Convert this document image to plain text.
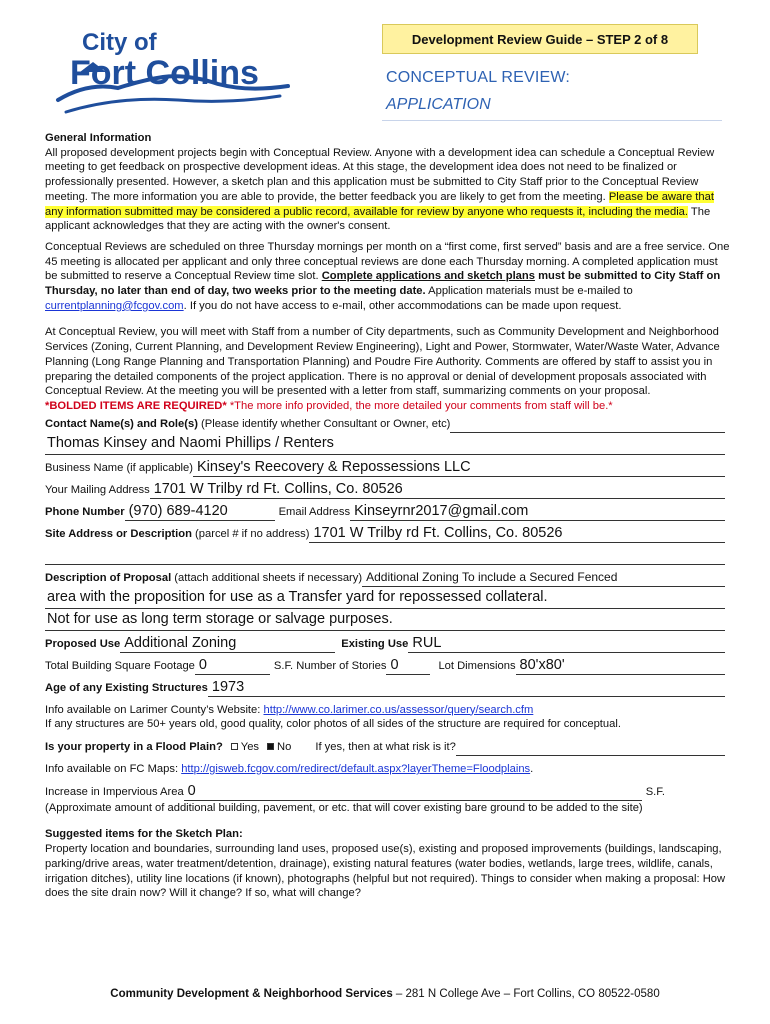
City of
Fort Collins
Development Review Guide – STEP 2 of 8
CONCEPTUAL REVIEW:
APPLICATION

General Information

All proposed development projects begin with Conceptual Review. Anyone with a development idea can schedule a Conceptual Review meeting to get feedback on prospective development ideas. At this stage, the development idea does not need to be finalized or professionally presented. However, a sketch plan and this application must be submitted to City Staff prior to the Conceptual Review meeting. The more information you are able to provide, the better feedback you are likely to get from the meeting. Please be aware that any information submitted may be considered a public record, available for review by anyone who requests it, including the media. The applicant acknowledges that they are acting with the owner's consent.

Conceptual Reviews are scheduled on three Thursday mornings per month on a “first come, first served” basis and are a free service. One 45 meeting is allocated per applicant and only three conceptual reviews are done each Thursday morning. A completed application must be submitted to reserve a Conceptual Review time slot. Complete applications and sketch plans must be submitted to City Staff on Thursday, no later than end of day, two weeks prior to the meeting date. Application materials must be e-mailed to currentplanning@fcgov.com. If you do not have access to e-mail, other accommodations can be made upon request.

At Conceptual Review, you will meet with Staff from a number of City departments, such as Community Development and Neighborhood Services (Zoning, Current Planning, and Development Review Engineering), Light and Power, Stormwater, Water/Waste Water, Advance Planning (Long Range Planning and Transportation Planning) and Poudre Fire Authority. Comments are offered by staff to assist you in preparing the detailed components of the project application. There is no approval or denial of development proposals associated with Conceptual Review. At the meeting you will be presented with a letter from staff, summarizing comments on your proposal.

*BOLDED ITEMS ARE REQUIRED* *The more info provided, the more detailed your comments from staff will be.*

Contact Name(s) and Role(s) (Please identify whether Consultant or Owner, etc)
Thomas Kinsey and Naomi Phillips / Renters
Business Name (if applicable) Kinsey's Reecovery & Repossessions LLC
Your Mailing Address 1701 W Trilby rd Ft. Collins, Co. 80526
Phone Number (970) 689-4120	Email Address Kinseyrnr2017@gmail.com
Site Address or Description (parcel # if no address) 1701 W Trilby rd Ft. Collins, Co. 80526
Description of Proposal (attach additional sheets if necessary) Additional Zoning To include a Secured Fenced
area with the proposition for use as a Transfer yard for repossessed collateral.
Not for use as long term storage or salvage purposes.
Proposed Use Additional Zoning	Existing Use RUL
Total Building Square Footage 0	S.F. Number of Stories 0	Lot Dimensions 80'x80'
Age of any Existing Structures 1973

Info available on Larimer County’s Website: http://www.co.larimer.co.us/assessor/query/search.cfm

If any structures are 50+ years old, good quality, color photos of all sides of the structure are required for conceptual.

Is your property in a Flood Plain?	Yes No If yes, then at what risk is it?

Info available on FC Maps: http://gisweb.fcgov.com/redirect/default.aspx?layerTheme=Floodplains.

Increase in Impervious Area 0	S.F.

(Approximate amount of additional building, pavement, or etc. that will cover existing bare ground to be added to the site)

Suggested items for the Sketch Plan:

Property location and boundaries, surrounding land uses, proposed use(s), existing and proposed improvements (buildings, landscaping, parking/drive areas, water treatment/detention, drainage), existing natural features (water bodies, wetlands, large trees, wildlife, canals, irrigation ditches), utility line locations (if known), photographs (helpful but not required). Things to consider when making a proposal: How does the site drain now? Will it change? If so, what will change?

Community Development & Neighborhood Services – 281 N College Ave – Fort Collins, CO 80522-0580
